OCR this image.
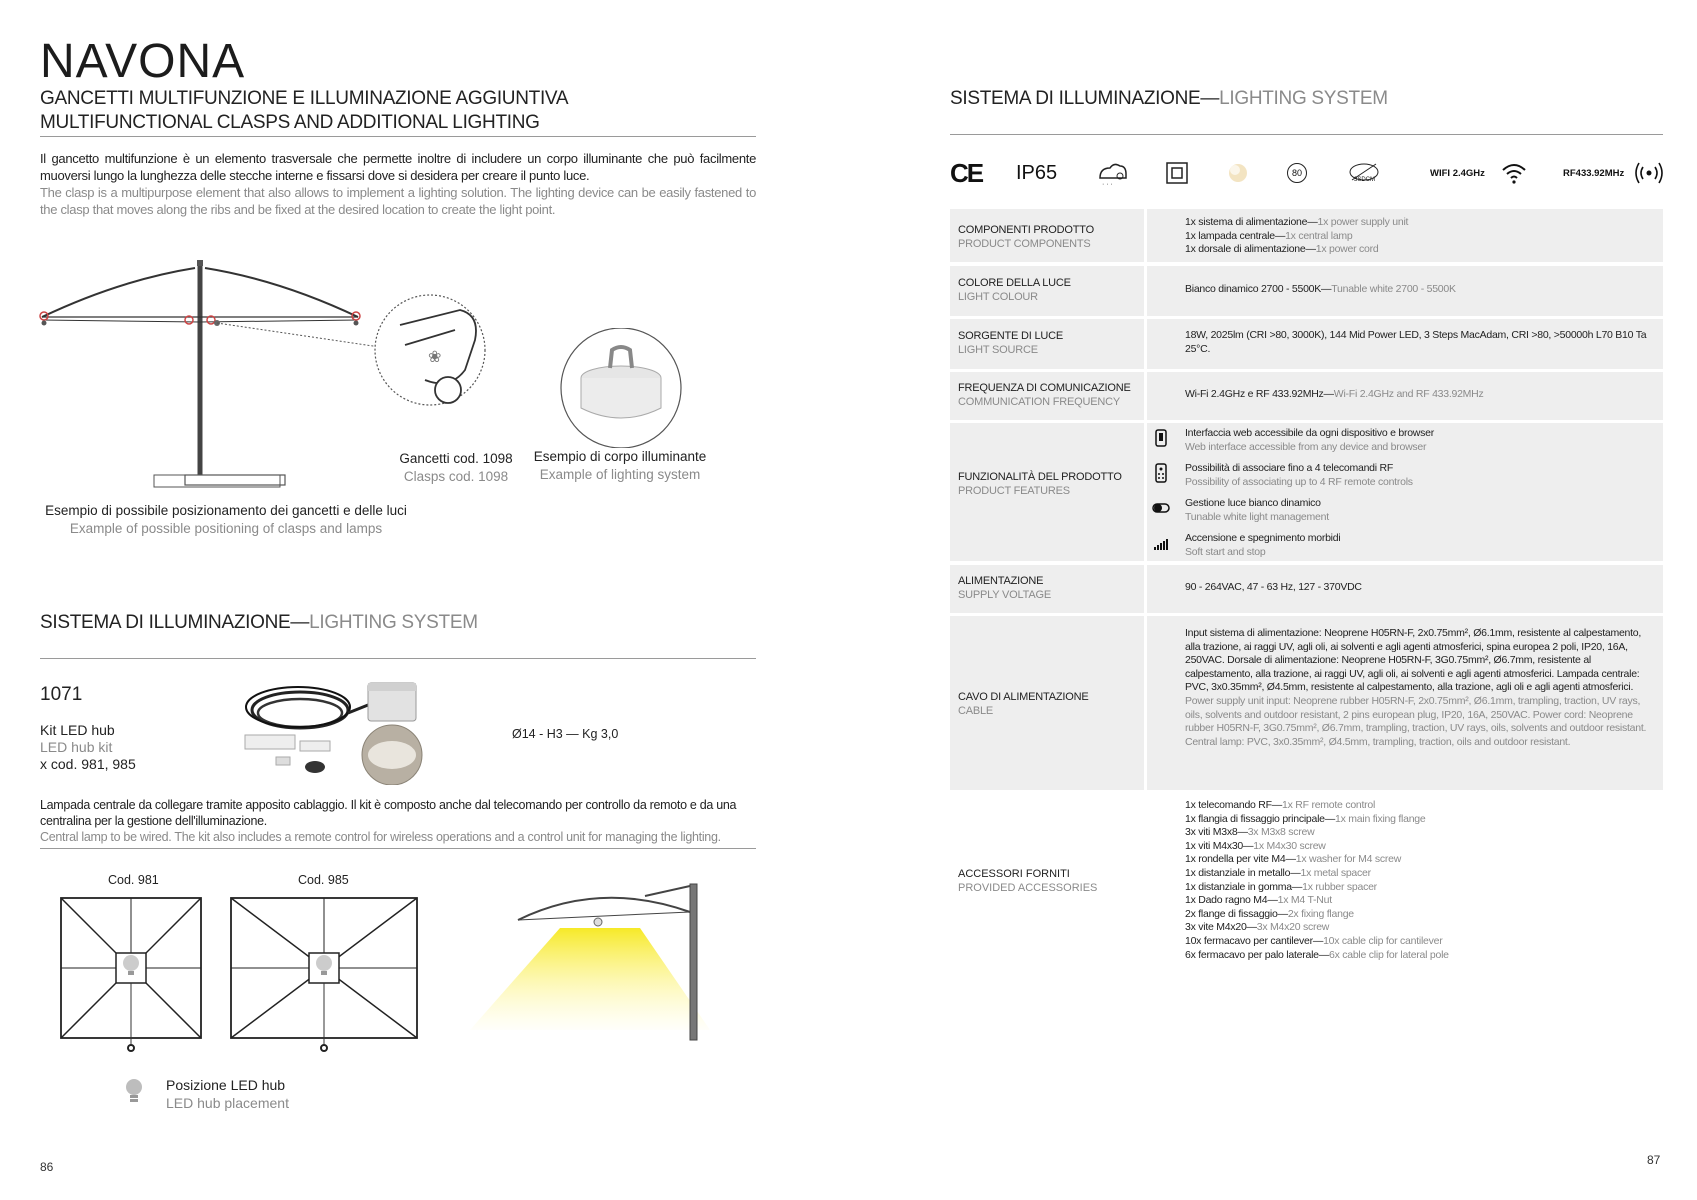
NAVONA
GANCETTI MULTIFUNZIONE E ILLUMINAZIONE AGGIUNTIVA
MULTIFUNCTIONAL CLASPS AND ADDITIONAL LIGHTING
Il gancetto multifunzione è un elemento trasversale che permette inoltre di includere un corpo illuminante che può facilmente muoversi lungo la lunghezza delle stecche interne e fissarsi dove si desidera per creare il punto luce.
The clasp is a multipurpose element that also allows to implement a lighting solution. The lighting device can be easily fastened to the clasp that moves along the ribs and be fixed at the desired location to create the light point.
❀
Gancetti cod. 1098
Clasps cod. 1098
Esempio di corpo illuminante
Example of lighting system
Esempio di possibile posizionamento dei gancetti e delle luci
Example of possible positioning of clasps and lamps
SISTEMA DI ILLUMINAZIONE—LIGHTING SYSTEM
1071
Kit LED hub
LED hub kit
x cod. 981, 985
Ø14 - H3 — Kg 3,0
Lampada centrale da collegare tramite apposito cablaggio. Il kit è composto anche dal telecomando per controllo da remoto e da una centralina per la gestione dell'illuminazione.
Central lamp to be wired. The kit also includes a remote control for wireless operations and a control unit for managing the lighting.
Cod. 981	Cod. 985
Posizione LED hub
LED hub placement
86
SISTEMA DI ILLUMINAZIONE—LIGHTING SYSTEM
CE IP65
· · ·
80
3SDCM
WIFI 2.4GHz	RF433.92MHz
COMPONENTI PRODOTTO
PRODUCT COMPONENTS
1x sistema di alimentazione—1x power supply unit
1x lampada centrale—1x central lamp
1x dorsale di alimentazione—1x power cord
COLORE DELLA LUCE
LIGHT COLOUR
Bianco dinamico 2700 - 5500K—Tunable white 2700 - 5500K
SORGENTE DI LUCE
LIGHT SOURCE
18W, 2025lm (CRI >80, 3000K), 144 Mid Power LED, 3 Steps MacAdam, CRI >80, >50000h L70 B10 Ta 25°C.
FREQUENZA DI COMUNICAZIONE
COMMUNICATION FREQUENCY
Wi-Fi 2.4GHz e RF 433.92MHz—Wi-Fi 2.4GHz and RF 433.92MHz
FUNZIONALITÀ DEL PRODOTTO
PRODUCT FEATURES
Interfaccia web accessibile da ogni dispositivo e browser
Web interface accessible from any device and browser
Possibilità di associare fino a 4 telecomandi RF
Possibility of associating up to 4 RF remote controls
Gestione luce bianco dinamico
Tunable white light management
Accensione e spegnimento morbidi
Soft start and stop
ALIMENTAZIONE
SUPPLY VOLTAGE
90 - 264VAC, 47 - 63 Hz, 127 - 370VDC
CAVO DI ALIMENTAZIONE
CABLE
Input sistema di alimentazione: Neoprene H05RN-F, 2x0.75mm², Ø6.1mm, resistente al calpestamento, alla trazione, ai raggi UV, agli oli, ai solventi e agli agenti atmosferici, spina europea 2 poli, IP20, 16A, 250VAC. Dorsale di alimentazione: Neoprene H05RN-F, 3G0.75mm², Ø6.7mm, resistente al calpestamento, alla trazione, ai raggi UV, agli oli, ai solventi e agli agenti atmosferici. Lampada centrale: PVC, 3x0.35mm², Ø4.5mm, resistente al calpestamento, alla trazione, agli oli e agli agenti atmosferici.
Power supply unit input: Neoprene rubber H05RN-F, 2x0.75mm², Ø6.1mm, trampling, traction, UV rays, oils, solvents and outdoor resistant, 2 pins european plug, IP20, 16A, 250VAC. Power cord: Neoprene rubber H05RN-F, 3G0.75mm², Ø6.7mm, trampling, traction, UV rays, oils, solvents and outdoor resistant. Central lamp: PVC, 3x0.35mm², Ø4.5mm, trampling, traction, oils and outdoor resistant.
ACCESSORI FORNITI
PROVIDED ACCESSORIES
1x telecomando RF—1x RF remote control
1x flangia di fissaggio principale—1x main fixing flange
3x viti M3x8—3x M3x8 screw
1x viti M4x30—1x M4x30 screw
1x rondella per vite M4—1x washer for M4 screw
1x distanziale in metallo—1x metal spacer
1x distanziale in gomma—1x rubber spacer
1x Dado ragno M4—1x M4 T-Nut
2x flange di fissaggio—2x fixing flange
3x vite M4x20—3x M4x20 screw
10x fermacavo per cantilever—10x cable clip for cantilever
6x fermacavo per palo laterale—6x cable clip for lateral pole
87
